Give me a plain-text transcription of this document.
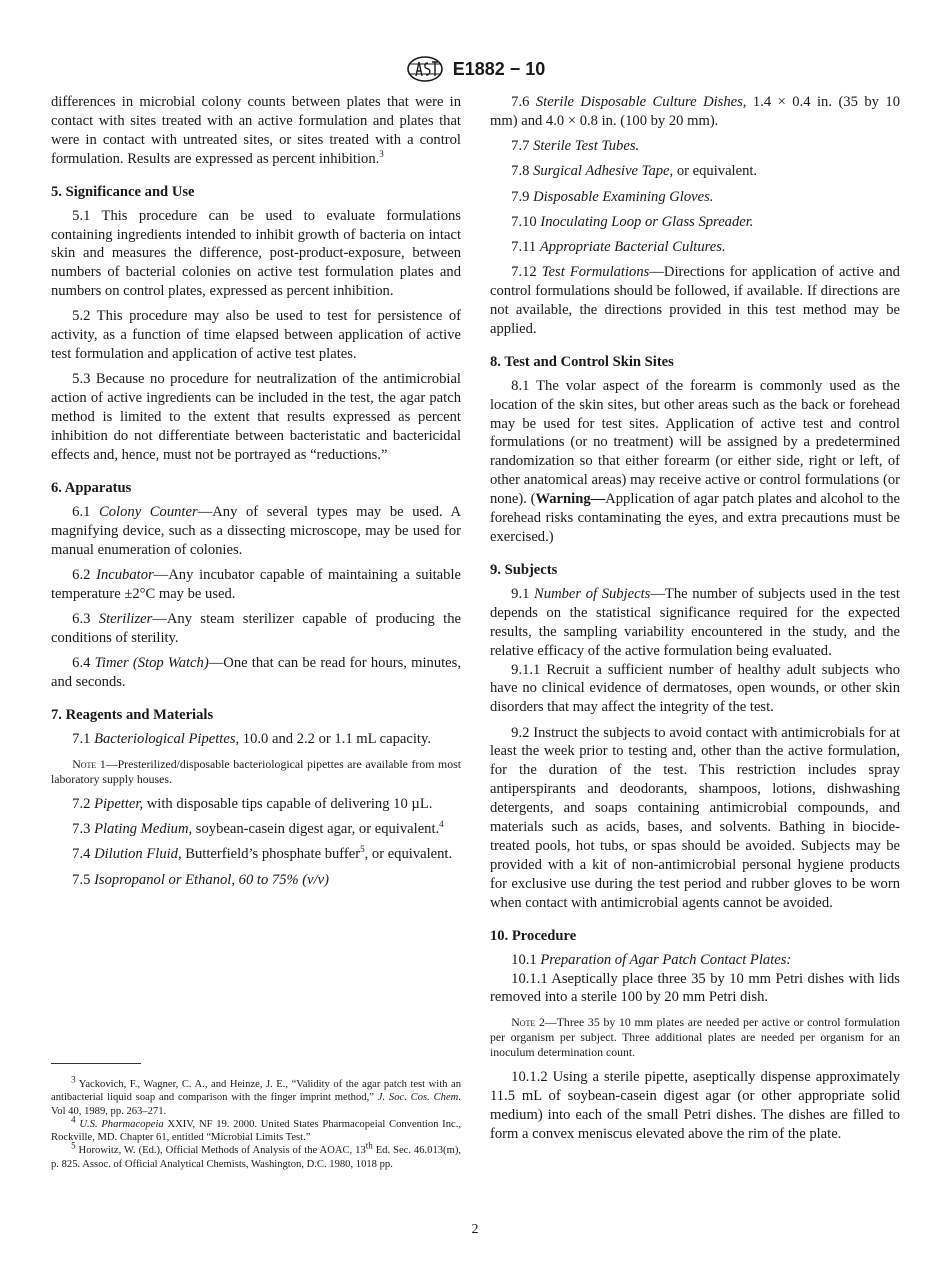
E1882 − 10

differences in microbial colony counts between plates that were in contact with sites treated with an active formulation and plates that were in contact with untreated sites, or sites treated with a control formulation. Results are expressed as percent inhibition.$^3$

5. Significance and Use

5.1 This procedure can be used to evaluate formulations containing ingredients intended to inhibit growth of bacteria on intact skin and measures the difference, post-product-exposure, between numbers of bacterial colonies on active test formulation plates and numbers on control plates, expressed as percent inhibition.

5.2 This procedure may also be used to test for persistence of activity, as a function of time elapsed between application of active test formulation and application of active test plates.

5.3 Because no procedure for neutralization of the antimicrobial action of active ingredients can be included in the test, the agar patch method is limited to the extent that results expressed as percent inhibition do not differentiate between bacteristatic and bactericidal effects and, hence, must not be portrayed as “reductions.”

6. Apparatus

6.1 Colony Counter—Any of several types may be used. A magnifying device, such as a dissecting microscope, may be used for manual enumeration of colonies.

6.2 Incubator—Any incubator capable of maintaining a suitable temperature ±2°C may be used.

6.3 Sterilizer—Any steam sterilizer capable of producing the conditions of sterility.

6.4 Timer (Stop Watch)—One that can be read for hours, minutes, and seconds.

7. Reagents and Materials

7.1 Bacteriological Pipettes, 10.0 and 2.2 or 1.1 mL capacity.

Note 1—Presterilized/disposable bacteriological pipettes are available from most laboratory supply houses.

7.2 Pipetter, with disposable tips capable of delivering 10 µL.

7.3 Plating Medium, soybean-casein digest agar, or equivalent.$^4$

7.4 Dilution Fluid, Butterfield’s phosphate buffer$^5$, or equivalent.

7.5 Isopropanol or Ethanol, 60 to 75% (v/v)

$^3$ Yackovich, F., Wagner, C. A., and Heinze, J. E., “Validity of the agar patch test with an antibacterial liquid soap and comparison with the finger imprint method,” J. Soc. Cos. Chem. Vol 40, 1989, pp. 263–271.

$^4$ U.S. Pharmacopeia XXIV, NF 19. 2000. United States Pharmacopeial Convention Inc., Rockville, MD. Chapter 61, entitled “Microbial Limits Test.”

$^5$ Horowitz, W. (Ed.), Official Methods of Analysis of the AOAC, 13th Ed. Sec. 46.013(m), p. 825. Assoc. of Official Analytical Chemists, Washington, D.C. 1980, 1018 pp.

7.6 Sterile Disposable Culture Dishes, 1.4 × 0.4 in. (35 by 10 mm) and 4.0 × 0.8 in. (100 by 20 mm).

7.7 Sterile Test Tubes.

7.8 Surgical Adhesive Tape, or equivalent.

7.9 Disposable Examining Gloves.

7.10 Inoculating Loop or Glass Spreader.

7.11 Appropriate Bacterial Cultures.

7.12 Test Formulations—Directions for application of active and control formulations should be followed, if available. If directions are not available, the directions provided in this test method may be applied.

8. Test and Control Skin Sites

8.1 The volar aspect of the forearm is commonly used as the location of the skin sites, but other areas such as the back or forehead may be used for test sites. Application of active test and control formulations (or no treatment) will be assigned by a predetermined randomization so that either forearm (or either side, right or left, of other anatomical areas) may receive active or control formulations (or none). (Warning—Application of agar patch plates and alcohol to the forehead risks contaminating the eyes, and extra precautions must be exercised.)

9. Subjects

9.1 Number of Subjects—The number of subjects used in the test depends on the statistical significance required for the expected results, the sampling variability encountered in the study, and the relative efficacy of the active formulation being evaluated.

9.1.1 Recruit a sufficient number of healthy adult subjects who have no clinical evidence of dermatoses, open wounds, or other skin disorders that may affect the integrity of the test.

9.2 Instruct the subjects to avoid contact with antimicrobials for at least the week prior to testing and, other than the active formulation, for the duration of the test. This restriction includes spray antiperspirants and deodorants, shampoos, lotions, dishwashing detergents, and soaps containing antimicrobial compounds, and materials such as acids, bases, and solvents. Bathing in biocide-treated pools, hot tubs, or spas should be avoided. Subjects may be provided with a kit of non-antimicrobial personal hygiene products for exclusive use during the test period and rubber gloves to be worn when contact with antimicrobial agents cannot be avoided.

10. Procedure

10.1 Preparation of Agar Patch Contact Plates:

10.1.1 Aseptically place three 35 by 10 mm Petri dishes with lids removed into a sterile 100 by 20 mm Petri dish.

Note 2—Three 35 by 10 mm plates are needed per active or control formulation per organism per subject. Three additional plates are needed per organism for an inoculum determination count.

10.1.2 Using a sterile pipette, aseptically dispense approximately 11.5 mL of soybean-casein digest agar (or other appropriate solid medium) into each of the small Petri dishes. The dishes are filled to form a convex meniscus elevated above the rim of the plate.

2
